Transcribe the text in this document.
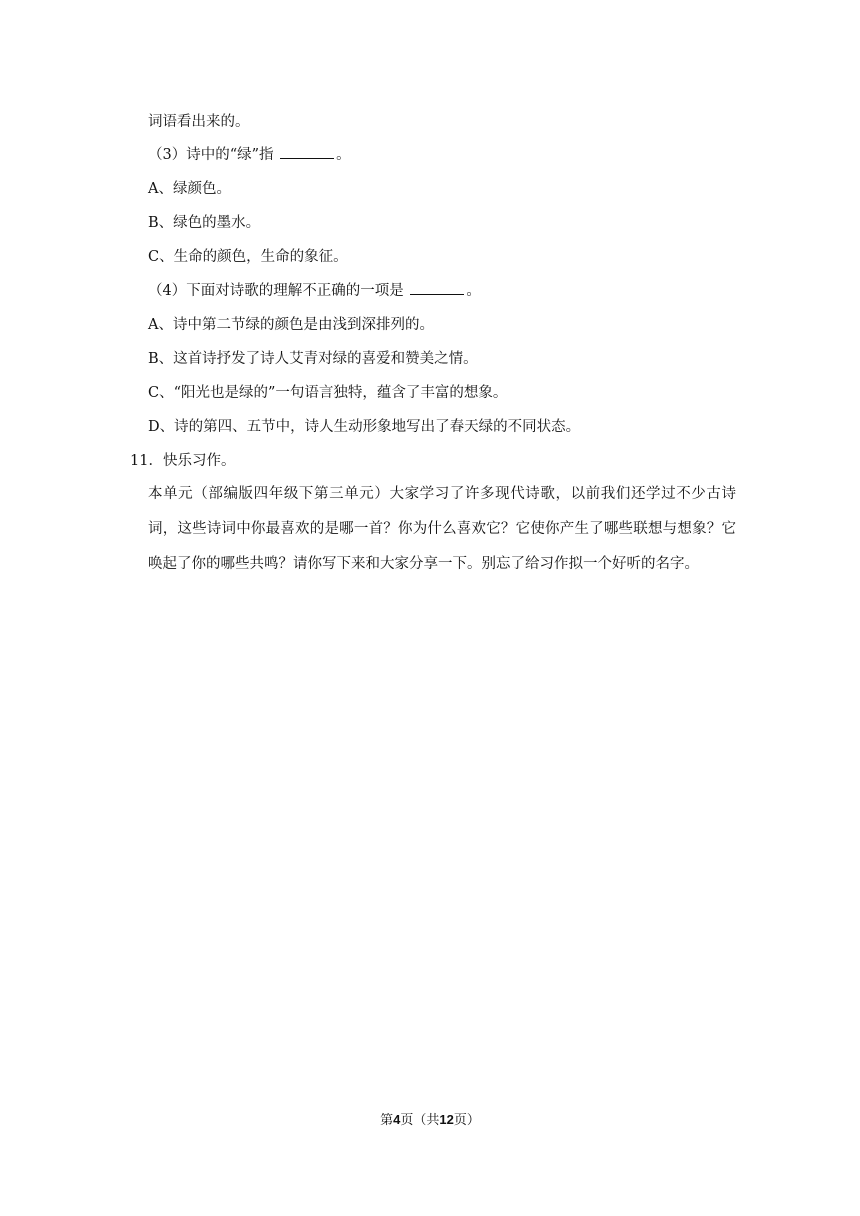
词语看出来的。
（3）诗中的“绿”指	。
A、绿颜色。
B、绿色的墨水。
C、生命的颜色，生命的象征。
（4）下面对诗歌的理解不正确的一项是	。
A、诗中第二节绿的颜色是由浅到深排列的。
B、这首诗抒发了诗人艾青对绿的喜爱和赞美之情。
C、“阳光也是绿的”一句语言独特，蕴含了丰富的想象。
D、诗的第四、五节中，诗人生动形象地写出了春天绿的不同状态。
11．快乐习作。
本单元（部编版四年级下第三单元）大家学习了许多现代诗歌，以前我们还学过不少古诗词，这些诗词中你最喜欢的是哪一首？你为什么喜欢它？它使你产生了哪些联想与想象？它唤起了你的哪些共鸣？请你写下来和大家分享一下。别忘了给习作拟一个好听的名字。
第4页（共12页）
